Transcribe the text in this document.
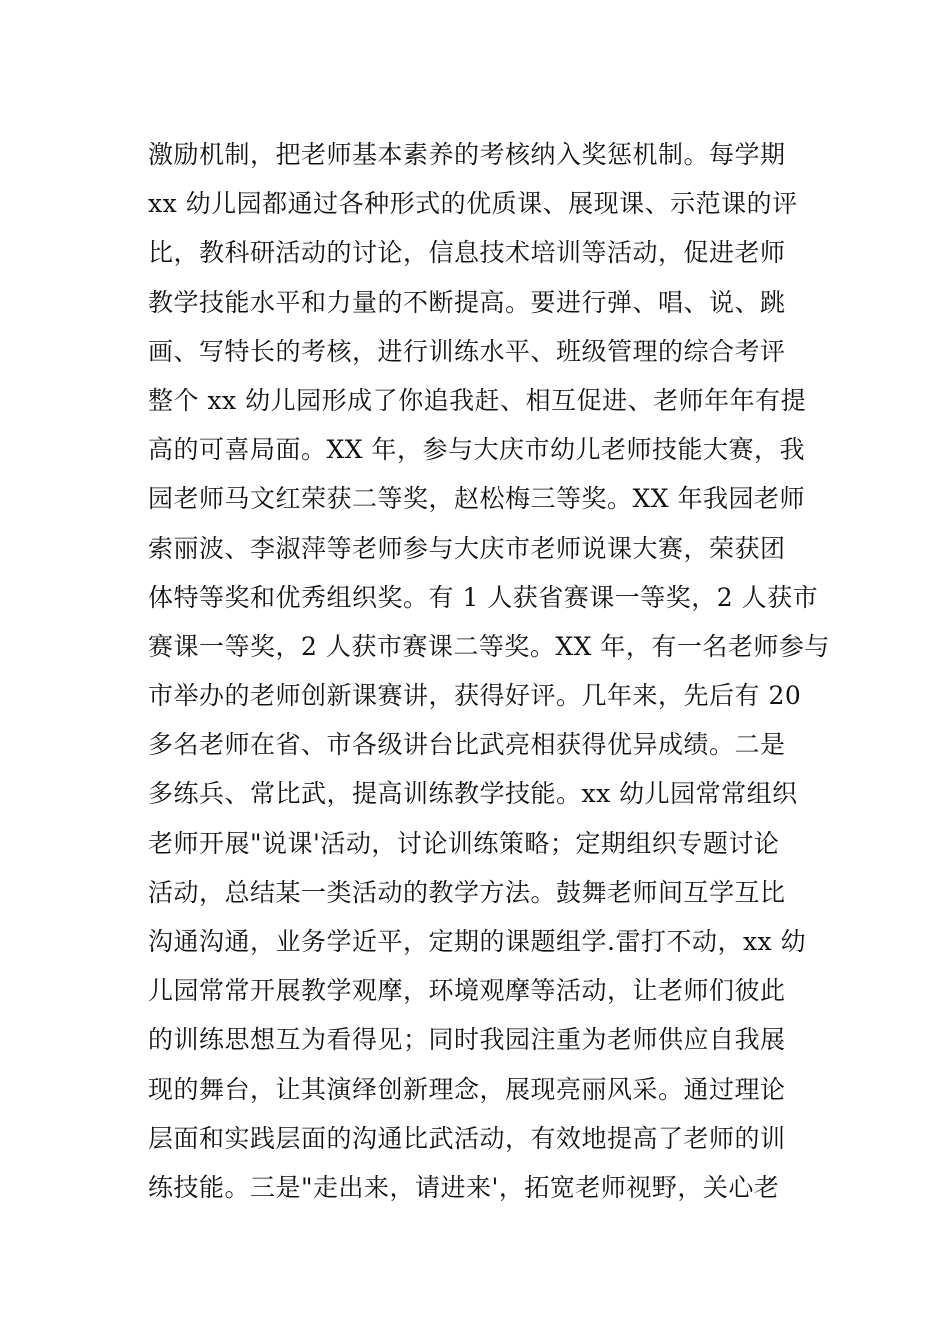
激励机制，把老师基本素养的考核纳入奖惩机制。每学期
xx 幼儿园都通过各种形式的优质课、展现课、示范课的评
比，教科研活动的讨论，信息技术培训等活动，促进老师
教学技能水平和力量的不断提高。要进行弹、唱、说、跳
画、写特长的考核，进行训练水平、班级管理的综合考评
整个 xx 幼儿园形成了你追我赶、相互促进、老师年年有提
高的可喜局面。XX 年，参与大庆市幼儿老师技能大赛，我
园老师马文红荣获二等奖，赵松梅三等奖。XX 年我园老师
索丽波、李淑萍等老师参与大庆市老师说课大赛，荣获团
体特等奖和优秀组织奖。有 1 人获省赛课一等奖，2 人获市
赛课一等奖，2 人获市赛课二等奖。XX 年，有一名老师参与
市举办的老师创新课赛讲，获得好评。几年来，先后有 20
多名老师在省、市各级讲台比武亮相获得优异成绩。二是
多练兵、常比武，提高训练教学技能。xx 幼儿园常常组织
老师开展"说课'活动，讨论训练策略；定期组织专题讨论
活动，总结某一类活动的教学方法。鼓舞老师间互学互比
沟通沟通，业务学近平，定期的课题组学.雷打不动，xx 幼
儿园常常开展教学观摩，环境观摩等活动，让老师们彼此
的训练思想互为看得见；同时我园注重为老师供应自我展
现的舞台，让其演绎创新理念，展现亮丽风采。通过理论
层面和实践层面的沟通比武活动，有效地提高了老师的训
练技能。三是"走出来，请进来'，拓宽老师视野，关心老
